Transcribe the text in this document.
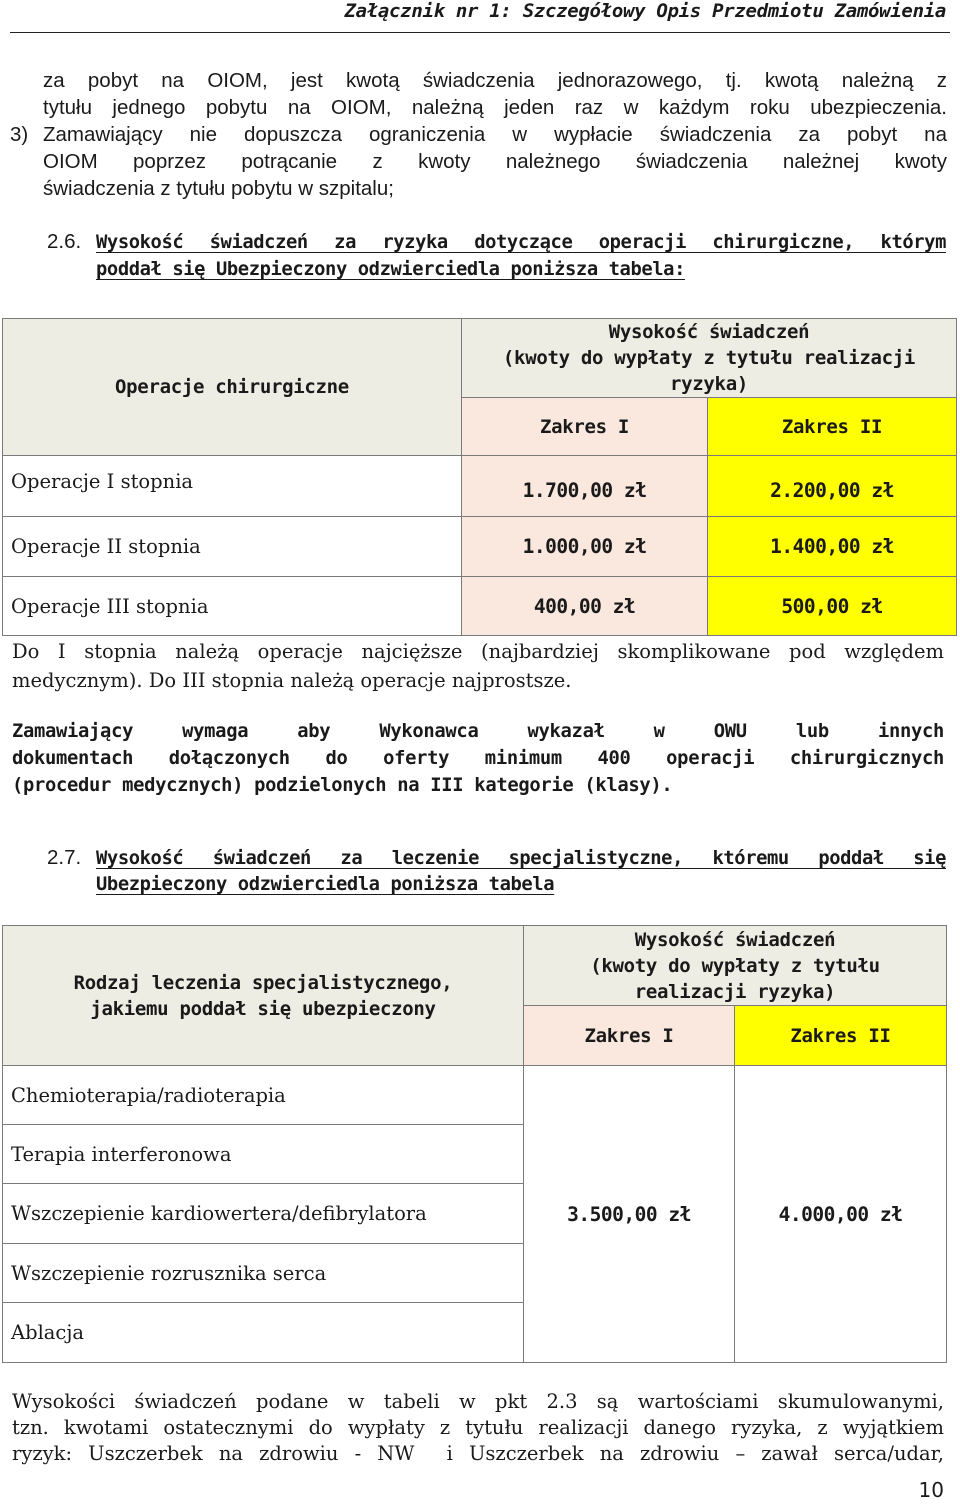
Załącznik nr 1: Szczegółowy Opis Przedmiotu Zamówienia
za pobyt na OIOM, jest kwotą świadczenia jednorazowego, tj. kwotą należną z
tytułu jednego pobytu na OIOM, należną jeden raz w każdym roku ubezpieczenia.
3) Zamawiający nie dopuszcza ograniczenia w wypłacie świadczenia za pobyt na
OIOM poprzez potrącanie z kwoty należnego świadczenia należnej kwoty
świadczenia z tytułu pobytu w szpitalu;
2.6. Wysokość świadczeń za ryzyka dotyczące operacji chirurgiczne, którym
poddał się Ubezpieczony odzwierciedla poniższa tabela:
Operacje chirurgiczne
Wysokość świadczeń
(kwoty do wypłaty z tytułu realizacji
ryzyka)
Zakres I	Zakres II
Operacje I stopnia	1.700,00 zł	2.200,00 zł
Operacje II stopnia	1.000,00 zł	1.400,00 zł
Operacje III stopnia	400,00 zł	500,00 zł
Do I stopnia należą operacje najcięższe (najbardziej skomplikowane pod względem
medycznym). Do III stopnia należą operacje najprostsze.
Zamawiający wymaga aby Wykonawca wykazał w OWU lub innych
dokumentach dołączonych do oferty minimum 400 operacji chirurgicznych
(procedur medycznych) podzielonych na III kategorie (klasy).
2.7. Wysokość świadczeń za leczenie specjalistyczne, któremu poddał się
Ubezpieczony odzwierciedla poniższa tabela
Rodzaj leczenia specjalistycznego,
jakiemu poddał się ubezpieczony
Wysokość świadczeń
(kwoty do wypłaty z tytułu
realizacji ryzyka)
Zakres I	Zakres II
Chemioterapia/radioterapia
Terapia interferonowa
Wszczepienie kardiowertera/defibrylatora
Wszczepienie rozrusznika serca
Ablacja
3.500,00 zł	4.000,00 zł
Wysokości świadczeń podane w tabeli w pkt 2.3 są wartościami skumulowanymi,
tzn. kwotami ostatecznymi do wypłaty z tytułu realizacji danego ryzyka, z wyjątkiem
ryzyk: Uszczerbek na zdrowiu - NW  i Uszczerbek na zdrowiu – zawał serca/udar,
10
